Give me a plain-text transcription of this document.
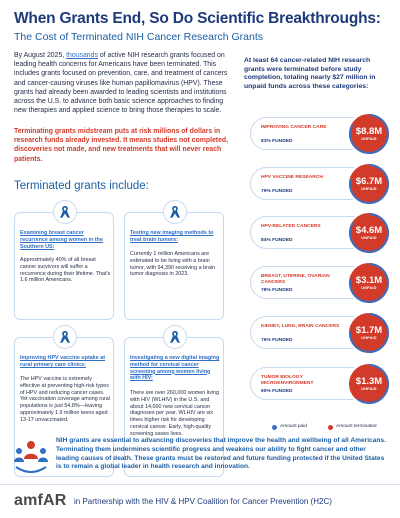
When Grants End, So Do Scientific Breakthroughs:
The Cost of Terminated NIH Cancer Research Grants
By August 2025, thousands of active NIH research grants focused on leading health concerns for Americans have been terminated. This includes grants focused on prevention, care, and treatment of cancers and cancer-causing viruses like human papillomavirus (HPV). These grants had already been awarded to leading scientists and institutions across the U.S. to advance both basic science approaches to finding new therapies and applied science to bring those therapies to scale.
Terminating grants midstream puts at risk millions of dollars in research funds already invested. It means studies not completed, discoveries not made, and new treatments that will never reach patients.
Terminated grants include:
Examining breast cancer recurrence among women in the Southern US:
Approximately 40% of all breast cancer survivors will suffer a recurrence during their lifetime. That's 1.6 million Americans.
Testing new imaging methods to treat brain tumors:
Currently 1 million Americans are estimated to be living with a brain tumor, with 94,390 receiving a brain tumor diagnosis in 2023.
Improving HPV vaccine uptake at rural primary care clinics:
The HPV vaccine is extremely effective at preventing high-risk types of HPV and reducing cancer cases. Yet vaccination coverage among rural populations is just 54.8%—leaving approximately 1.9 million teens aged 13-17 unvaccinated.
Investigating a new digital imaging method for cervical cancer screening among women living with HIV:
There are over 260,000 women living with HIV (WLHIV) in the U.S. and about 14,000 new cervical cancer diagnoses per year. WLHIV are six times higher risk for developing cervical cancer. Early, high-quality screening saves lives.
At least 64 cancer-related NIH research grants were terminated before study completion, totaling nearly $27 million in unpaid funds across these categories:
IMPROVING CANCER CARE
83% FUNDED
$8.8M
UNPAID
HPV VACCINE RESEARCH
79% FUNDED
$6.7M
UNPAID
HPV-RELATED CANCERS
84% FUNDED
$4.6M
UNPAID
BREAST, UTERINE, OVARIAN CANCERS
78% FUNDED
$3.1M
UNPAID
KIDNEY, LUNG, BRAIN CANCERS
76% FUNDED
$1.7M
UNPAID
TUMOR BIOLOGY MICROENVIRONMENT
60% FUNDED
$1.3M
UNPAID
Amount paid	Amount terminated
NIH grants are essential to advancing discoveries that improve the health and wellbeing of all Americans. Terminating them undermines scientific progress and weakens our ability to fight cancer and other leading causes of death. These grants must be restored and future funding protected if the United States is to remain a global leader in health research and innovation.
amfAR in Partnership with the HIV & HPV Coalition for Cancer Prevention (H2C)
